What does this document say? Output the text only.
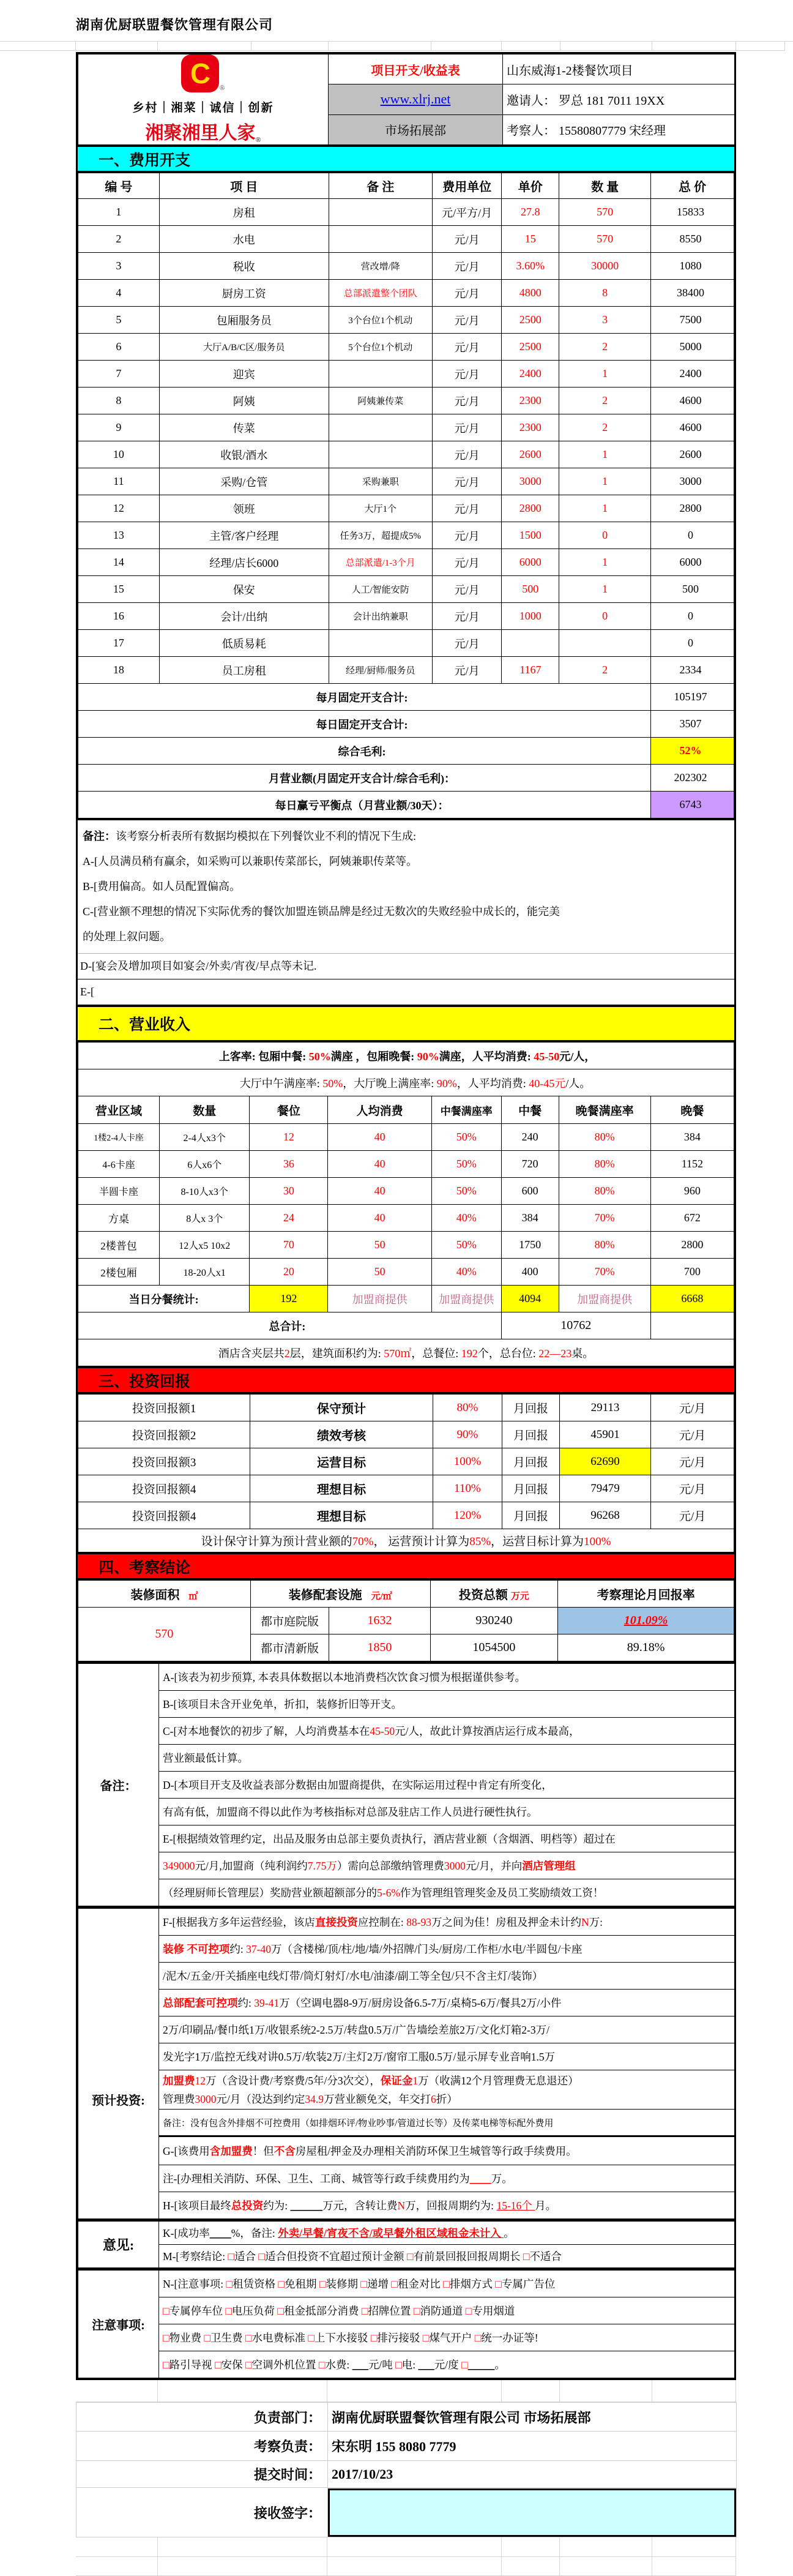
湖南优厨联盟餐饮管理有限公司
C ®
乡村｜湘菜｜诚信｜创新
湘聚湘里人家®	项目开支/收益表	山东威海1-2楼餐饮项目
	www.xlrj.net	邀请人： 罗总 181 7011 19XX
	市场拓展部	考察人： 15580807779 宋经理
一、费用开支
编 号	项 目	备 注	费用单位	单价	数 量	总 价
1	房租		元/平方/月	27.8	570	15833
2	水电		元/月	15	570	8550
3	税收	营改增/降	元/月	3.60%	30000	1080
4	厨房工资	总部派遣整个团队	元/月	4800	8	38400
5	包厢服务员	3个台位1个机动	元/月	2500	3	7500
6	大厅A/B/C区/服务员	5个台位1个机动	元/月	2500	2	5000
7	迎宾		元/月	2400	1	2400
8	阿姨	阿姨兼传菜	元/月	2300	2	4600
9	传菜		元/月	2300	2	4600
10	收银/酒水		元/月	2600	1	2600
11	采购/仓管	采购兼职	元/月	3000	1	3000
12	领班	大厅1个	元/月	2800	1	2800
13	主管/客户经理	任务3万，超提成5%	元/月	1500	0	0
14	经理/店长6000	总部派遣/1-3个月	元/月	6000	1	6000
15	保安	人工/智能安防	元/月	500	1	500
16	会计/出纳	会计出纳兼职	元/月	1000	0	0
17	低质易耗		元/月			0
18	员工房租	经理/厨师/服务员	元/月	1167	2	2334
每月固定开支合计:						105197
每日固定开支合计:						3507
综合毛利:						52%
月营业额(月固定开支合计/综合毛利)：						202302
每日赢亏平衡点（月营业额/30天）：						6743
备注：该考察分析表所有数据均模拟在下列餐饮业不利的情况下生成:
A-[人员满员稍有赢余，如采购可以兼职传菜部长，阿姨兼职传菜等。
B-[费用偏高。如人员配置偏高。
C-[营业额不理想的情况下实际优秀的餐饮加盟连锁品牌是经过无数次的失败经验中成长的，能完美
的处理上叙问题。

D-[宴会及增加项目如宴会/外卖/宵夜/早点等未记.
E-[
二、营业收入
上客率: 包厢中餐: 50%满座 ，包厢晚餐: 90%满座，人平均消费: 45-50元/人，							
大厅中午满座率: 50%，大厅晚上满座率: 90%，人平均消费: 40-45元/人。							
营业区域	数量	餐位	人均消费	中餐满座率	中餐	晚餐满座率	晚餐
1楼2-4人卡座	2-4人x3个	12	40	50%	240	80%	384
4-6卡座	6人x6个	36	40	50%	720	80%	1152
半圆卡座	8-10人x3个	30	40	50%	600	80%	960
方桌	8人x 3个	24	40	40%	384	70%	672
2楼普包	12人x5 10x2	70	50	50%	1750	80%	2800
2楼包厢	18-20人x1	20	50	40%	400	70%	700
当日分餐统计:		192	加盟商提供	加盟商提供	4094	加盟商提供	6668
总合计:					10762		
酒店含夹层共2层，建筑面积约为: 570㎡，总餐位: 192个，总台位: 22—23桌。							
三、投资回报
投资回报额1	保守预计	80%	月回报	29113	元/月
投资回报额2	绩效考核	90%	月回报	45901	元/月
投资回报额3	运营目标	100%	月回报	62690	元/月
投资回报额4	理想目标	110%	月回报	79479	元/月
投资回报额4	理想目标	120%	月回报	96268	元/月
设计保守计算为预计营业额的70%， 运营预计计算为85%，运营目标计算为100%					
四、考察结论
装修面积 ㎡	装修配套设施 元/㎡		投资总额 万元	考察理论月回报率
570	都市庭院版	1632	930240	101.09%
	都市清新版	1850	1054500	89.18%
备注：	A-[该表为初步预算, 本表具体数据以本地消费档次饮食习惯为根据谨供参考。
B-[该项目未含开业免单，折扣，装修折旧等开支。
C-[对本地餐饮的初步了解，人均消费基本在45-50元/人，故此计算按酒店运行成本最高，
营业额最低计算。
D-[本项目开支及收益表部分数据由加盟商提供，在实际运用过程中肯定有所变化，
有高有低，加盟商不得以此作为考核指标对总部及驻店工作人员进行硬性执行。
E-[根据绩效管理约定，出品及服务由总部主要负责执行，酒店营业额（含烟酒、明档等）超过在
349000元/月,加盟商（纯利润约7.75万）需向总部缴纳管理费3000元/月，并向酒店管理组
（经理厨师长管理层）奖励营业额超额部分的5-6%作为管理组管理奖金及员工奖励绩效工资！
预计投资:	F-[根据我方多年运营经验，该店直接投资应控制在: 88-93万之间为佳！房租及押金未计约N万:
装修 不可控项约: 37-40万（含楼梯/顶/柱/地/墙/外招牌/门头/厨房/工作柜/水电/半圆包/卡座
/泥木/五金/开关插座电线灯带/筒灯射灯/水电/油漆/副工等全包/只不含主灯/装饰）
总部配套可控项约: 39-41万（空调电器8-9万/厨房设备6.5-7万/桌椅5-6万/餐具2万/小件
2万/印刷品/餐巾纸1万/收银系统2-2.5万/转盘0.5万/广告墙绘差旅2万/文化灯箱2-3万/
发光字1万/监控无线对讲0.5万/软装2万/主灯2万/窗帘工服0.5万/显示屏专业音响1.5万

加盟费12万（含设计费/考察费/5年/分3次交），保证金1万（收满12个月管理费无息退还）
管理费3000元/月（没达到约定34.9万营业额免交，年交打6折）

备注：没有包含外排烟不可控费用（如排烟环评/物业吵事/管道过长等）及传菜电梯等标配外费用
G-[该费用含加盟费！但不含房屋租/押金及办理相关消防环保卫生城管等行政手续费用。
注-[办理相关消防、环保、卫生、工商、城管等行政手续费用约为____万。
H-[该项目最终总投资约为: ______万元，含转让费N万，回报周期约为: 15-16个 月。
意见:	K-[成功率____%，备注: 外卖/早餐/宵夜不含/或早餐外租区域租金未计入 。
M-[考察结论: □适合 □适合但投资不宜超过预计金额 □有前景回报回报周期长 □不适合
注意事项:	N-[注意事项: □租赁资格 □免租期 □装修期 □递增 □租金对比 □排烟方式 □专属广告位
□专属停车位 □电压负荷 □租金抵部分消费 □招牌位置 □消防通道 □专用烟道
□物业费 □卫生费 □水电费标准 □上下水接驳 □排污接驳 □煤气开户 □统一办证等!
□路引导视 □安保 □空调外机位置 □水费: ___元/吨 □电: ___元/度 □_____。
负责部门：	湖南优厨联盟餐饮管理有限公司 市场拓展部
考察负责：	宋东明 155 8080 7779
提交时间：	2017/10/23
接收签字：	
